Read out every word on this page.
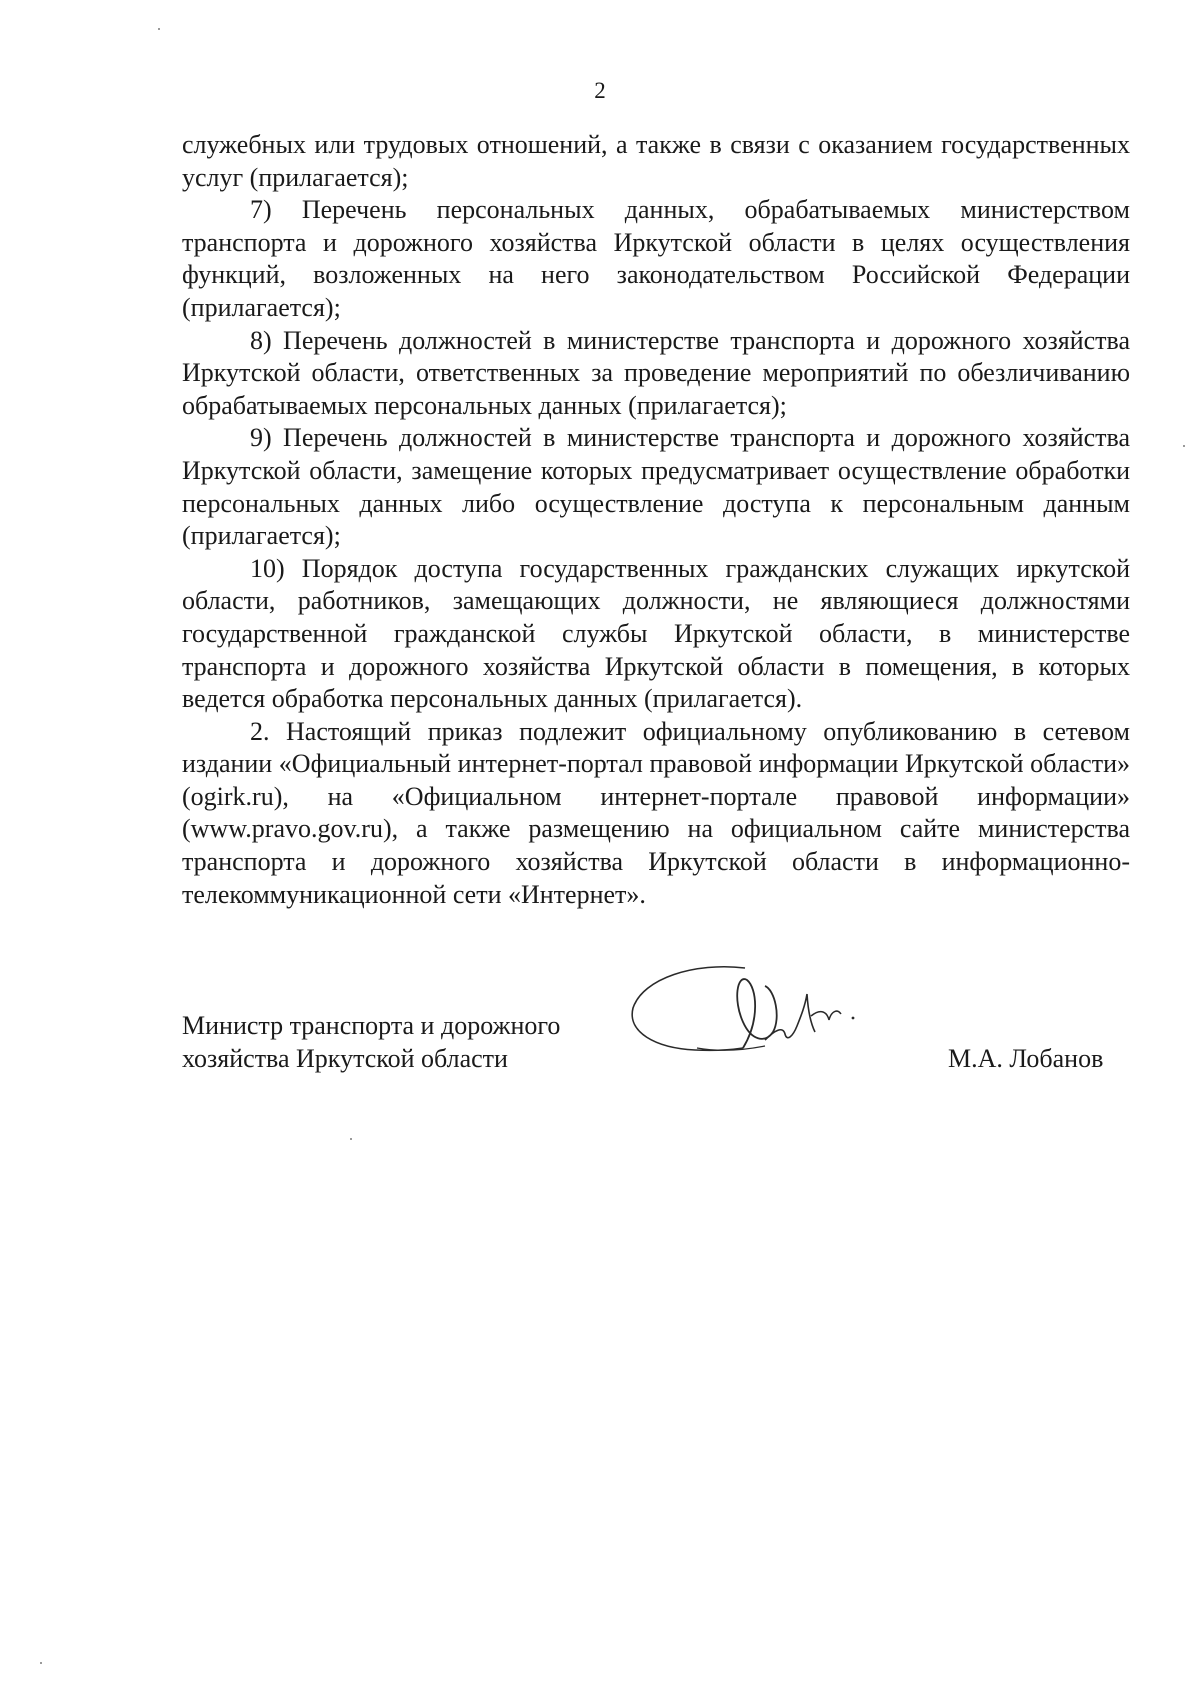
2

служебных или трудовых отношений, а также в связи с оказанием государственных услуг (прилагается);

7) Перечень персональных данных, обрабатываемых министерством транспорта и дорожного хозяйства Иркутской области в целях осуществления функций, возложенных на него законодательством Российской Федерации (прилагается);

8) Перечень должностей в министерстве транспорта и дорожного хозяйства Иркутской области, ответственных за проведение мероприятий по обезличиванию обрабатываемых персональных данных (прилагается);

9) Перечень должностей в министерстве транспорта и дорожного хозяйства Иркутской области, замещение которых предусматривает осуществление обработки персональных данных либо осуществление доступа к персональным данным (прилагается);

10) Порядок доступа государственных гражданских служащих иркутской области, работников, замещающих должности, не являющиеся должностями государственной гражданской службы Иркутской области, в министерстве транспорта и дорожного хозяйства Иркутской области в помещения, в которых ведется обработка персональных данных (прилагается).

2. Настоящий приказ подлежит официальному опубликованию в сетевом издании «Официальный интернет-портал правовой информации Иркутской области» (ogirk.ru), на «Официальном интернет-портале правовой информации» (www.pravo.gov.ru), а также размещению на официальном сайте министерства транспорта и дорожного хозяйства Иркутской области в информационно-телекоммуникационной сети «Интернет».

Министр транспорта и дорожного
хозяйства Иркутской области	М.А. Лобанов
